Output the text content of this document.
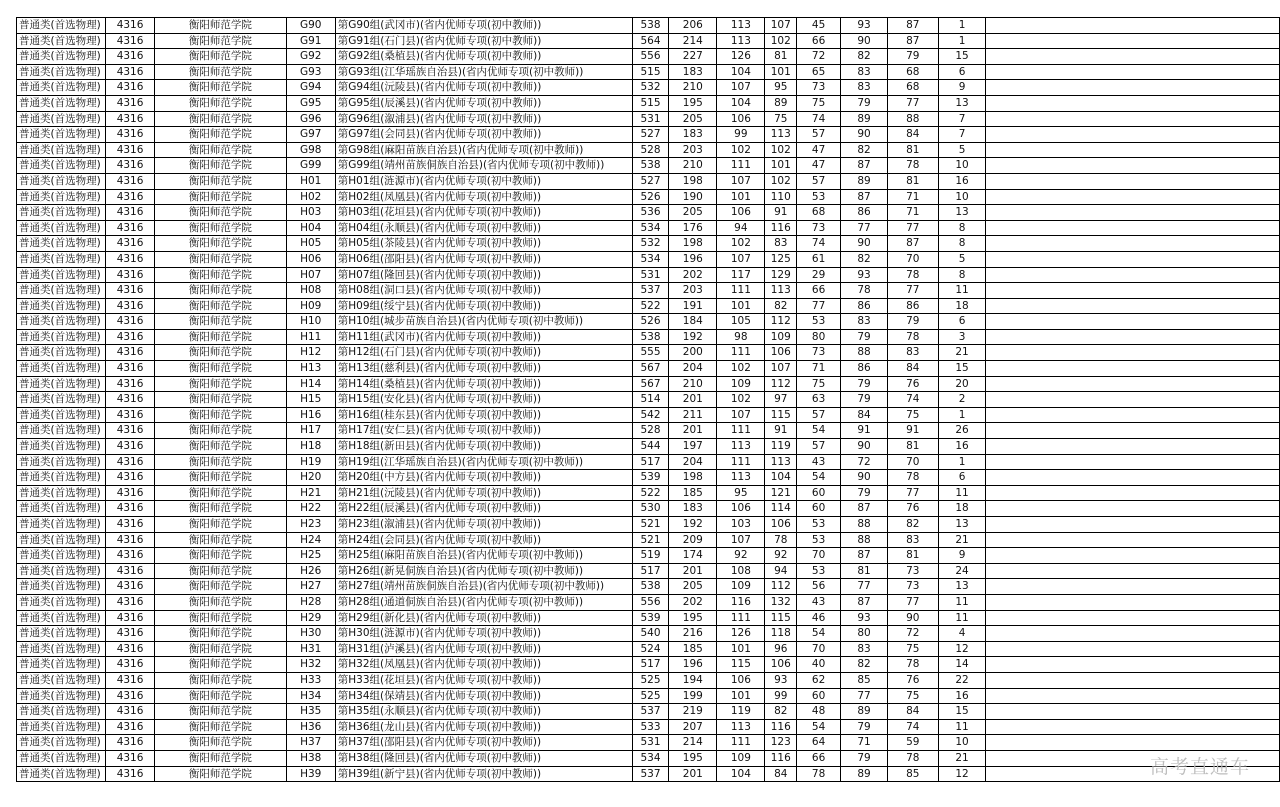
普通类(首选物理)	4316	衡阳师范学院	G90	第G90组(武冈市)(省内优师专项(初中教师))	538	206	113	107	45	93	87	1	
普通类(首选物理)	4316	衡阳师范学院	G91	第G91组(石门县)(省内优师专项(初中教师))	564	214	113	102	66	90	87	1	
普通类(首选物理)	4316	衡阳师范学院	G92	第G92组(桑植县)(省内优师专项(初中教师))	556	227	126	81	72	82	79	15	
普通类(首选物理)	4316	衡阳师范学院	G93	第G93组(江华瑶族自治县)(省内优师专项(初中教师))	515	183	104	101	65	83	68	6	
普通类(首选物理)	4316	衡阳师范学院	G94	第G94组(沅陵县)(省内优师专项(初中教师))	532	210	107	95	73	83	68	9	
普通类(首选物理)	4316	衡阳师范学院	G95	第G95组(辰溪县)(省内优师专项(初中教师))	515	195	104	89	75	79	77	13	
普通类(首选物理)	4316	衡阳师范学院	G96	第G96组(溆浦县)(省内优师专项(初中教师))	531	205	106	75	74	89	88	7	
普通类(首选物理)	4316	衡阳师范学院	G97	第G97组(会同县)(省内优师专项(初中教师))	527	183	99	113	57	90	84	7	
普通类(首选物理)	4316	衡阳师范学院	G98	第G98组(麻阳苗族自治县)(省内优师专项(初中教师))	528	203	102	102	47	82	81	5	
普通类(首选物理)	4316	衡阳师范学院	G99	第G99组(靖州苗族侗族自治县)(省内优师专项(初中教师))	538	210	111	101	47	87	78	10	
普通类(首选物理)	4316	衡阳师范学院	H01	第H01组(涟源市)(省内优师专项(初中教师))	527	198	107	102	57	89	81	16	
普通类(首选物理)	4316	衡阳师范学院	H02	第H02组(凤凰县)(省内优师专项(初中教师))	526	190	101	110	53	87	71	10	
普通类(首选物理)	4316	衡阳师范学院	H03	第H03组(花垣县)(省内优师专项(初中教师))	536	205	106	91	68	86	71	13	
普通类(首选物理)	4316	衡阳师范学院	H04	第H04组(永顺县)(省内优师专项(初中教师))	534	176	94	116	73	77	77	8	
普通类(首选物理)	4316	衡阳师范学院	H05	第H05组(茶陵县)(省内优师专项(初中教师))	532	198	102	83	74	90	87	8	
普通类(首选物理)	4316	衡阳师范学院	H06	第H06组(邵阳县)(省内优师专项(初中教师))	534	196	107	125	61	82	70	5	
普通类(首选物理)	4316	衡阳师范学院	H07	第H07组(隆回县)(省内优师专项(初中教师))	531	202	117	129	29	93	78	8	
普通类(首选物理)	4316	衡阳师范学院	H08	第H08组(洞口县)(省内优师专项(初中教师))	537	203	111	113	66	78	77	11	
普通类(首选物理)	4316	衡阳师范学院	H09	第H09组(绥宁县)(省内优师专项(初中教师))	522	191	101	82	77	86	86	18	
普通类(首选物理)	4316	衡阳师范学院	H10	第H10组(城步苗族自治县)(省内优师专项(初中教师))	526	184	105	112	53	83	79	6	
普通类(首选物理)	4316	衡阳师范学院	H11	第H11组(武冈市)(省内优师专项(初中教师))	538	192	98	109	80	79	78	3	
普通类(首选物理)	4316	衡阳师范学院	H12	第H12组(石门县)(省内优师专项(初中教师))	555	200	111	106	73	88	83	21	
普通类(首选物理)	4316	衡阳师范学院	H13	第H13组(慈利县)(省内优师专项(初中教师))	567	204	102	107	71	86	84	15	
普通类(首选物理)	4316	衡阳师范学院	H14	第H14组(桑植县)(省内优师专项(初中教师))	567	210	109	112	75	79	76	20	
普通类(首选物理)	4316	衡阳师范学院	H15	第H15组(安化县)(省内优师专项(初中教师))	514	201	102	97	63	79	74	2	
普通类(首选物理)	4316	衡阳师范学院	H16	第H16组(桂东县)(省内优师专项(初中教师))	542	211	107	115	57	84	75	1	
普通类(首选物理)	4316	衡阳师范学院	H17	第H17组(安仁县)(省内优师专项(初中教师))	528	201	111	91	54	91	91	26	
普通类(首选物理)	4316	衡阳师范学院	H18	第H18组(新田县)(省内优师专项(初中教师))	544	197	113	119	57	90	81	16	
普通类(首选物理)	4316	衡阳师范学院	H19	第H19组(江华瑶族自治县)(省内优师专项(初中教师))	517	204	111	113	43	72	70	1	
普通类(首选物理)	4316	衡阳师范学院	H20	第H20组(中方县)(省内优师专项(初中教师))	539	198	113	104	54	90	78	6	
普通类(首选物理)	4316	衡阳师范学院	H21	第H21组(沅陵县)(省内优师专项(初中教师))	522	185	95	121	60	79	77	11	
普通类(首选物理)	4316	衡阳师范学院	H22	第H22组(辰溪县)(省内优师专项(初中教师))	530	183	106	114	60	87	76	18	
普通类(首选物理)	4316	衡阳师范学院	H23	第H23组(溆浦县)(省内优师专项(初中教师))	521	192	103	106	53	88	82	13	
普通类(首选物理)	4316	衡阳师范学院	H24	第H24组(会同县)(省内优师专项(初中教师))	521	209	107	78	53	88	83	21	
普通类(首选物理)	4316	衡阳师范学院	H25	第H25组(麻阳苗族自治县)(省内优师专项(初中教师))	519	174	92	92	70	87	81	9	
普通类(首选物理)	4316	衡阳师范学院	H26	第H26组(新晃侗族自治县)(省内优师专项(初中教师))	517	201	108	94	53	81	73	24	
普通类(首选物理)	4316	衡阳师范学院	H27	第H27组(靖州苗族侗族自治县)(省内优师专项(初中教师))	538	205	109	112	56	77	73	13	
普通类(首选物理)	4316	衡阳师范学院	H28	第H28组(通道侗族自治县)(省内优师专项(初中教师))	556	202	116	132	43	87	77	11	
普通类(首选物理)	4316	衡阳师范学院	H29	第H29组(新化县)(省内优师专项(初中教师))	539	195	111	115	46	93	90	11	
普通类(首选物理)	4316	衡阳师范学院	H30	第H30组(涟源市)(省内优师专项(初中教师))	540	216	126	118	54	80	72	4	
普通类(首选物理)	4316	衡阳师范学院	H31	第H31组(泸溪县)(省内优师专项(初中教师))	524	185	101	96	70	83	75	12	
普通类(首选物理)	4316	衡阳师范学院	H32	第H32组(凤凰县)(省内优师专项(初中教师))	517	196	115	106	40	82	78	14	
普通类(首选物理)	4316	衡阳师范学院	H33	第H33组(花垣县)(省内优师专项(初中教师))	525	194	106	93	62	85	76	22	
普通类(首选物理)	4316	衡阳师范学院	H34	第H34组(保靖县)(省内优师专项(初中教师))	525	199	101	99	60	77	75	16	
普通类(首选物理)	4316	衡阳师范学院	H35	第H35组(永顺县)(省内优师专项(初中教师))	537	219	119	82	48	89	84	15	
普通类(首选物理)	4316	衡阳师范学院	H36	第H36组(龙山县)(省内优师专项(初中教师))	533	207	113	116	54	79	74	11	
普通类(首选物理)	4316	衡阳师范学院	H37	第H37组(邵阳县)(省内优师专项(初中教师))	531	214	111	123	64	71	59	10	
普通类(首选物理)	4316	衡阳师范学院	H38	第H38组(隆回县)(省内优师专项(初中教师))	534	195	109	116	66	79	78	21	
普通类(首选物理)	4316	衡阳师范学院	H39	第H39组(新宁县)(省内优师专项(初中教师))	537	201	104	84	78	89	85	12		高考直通车
